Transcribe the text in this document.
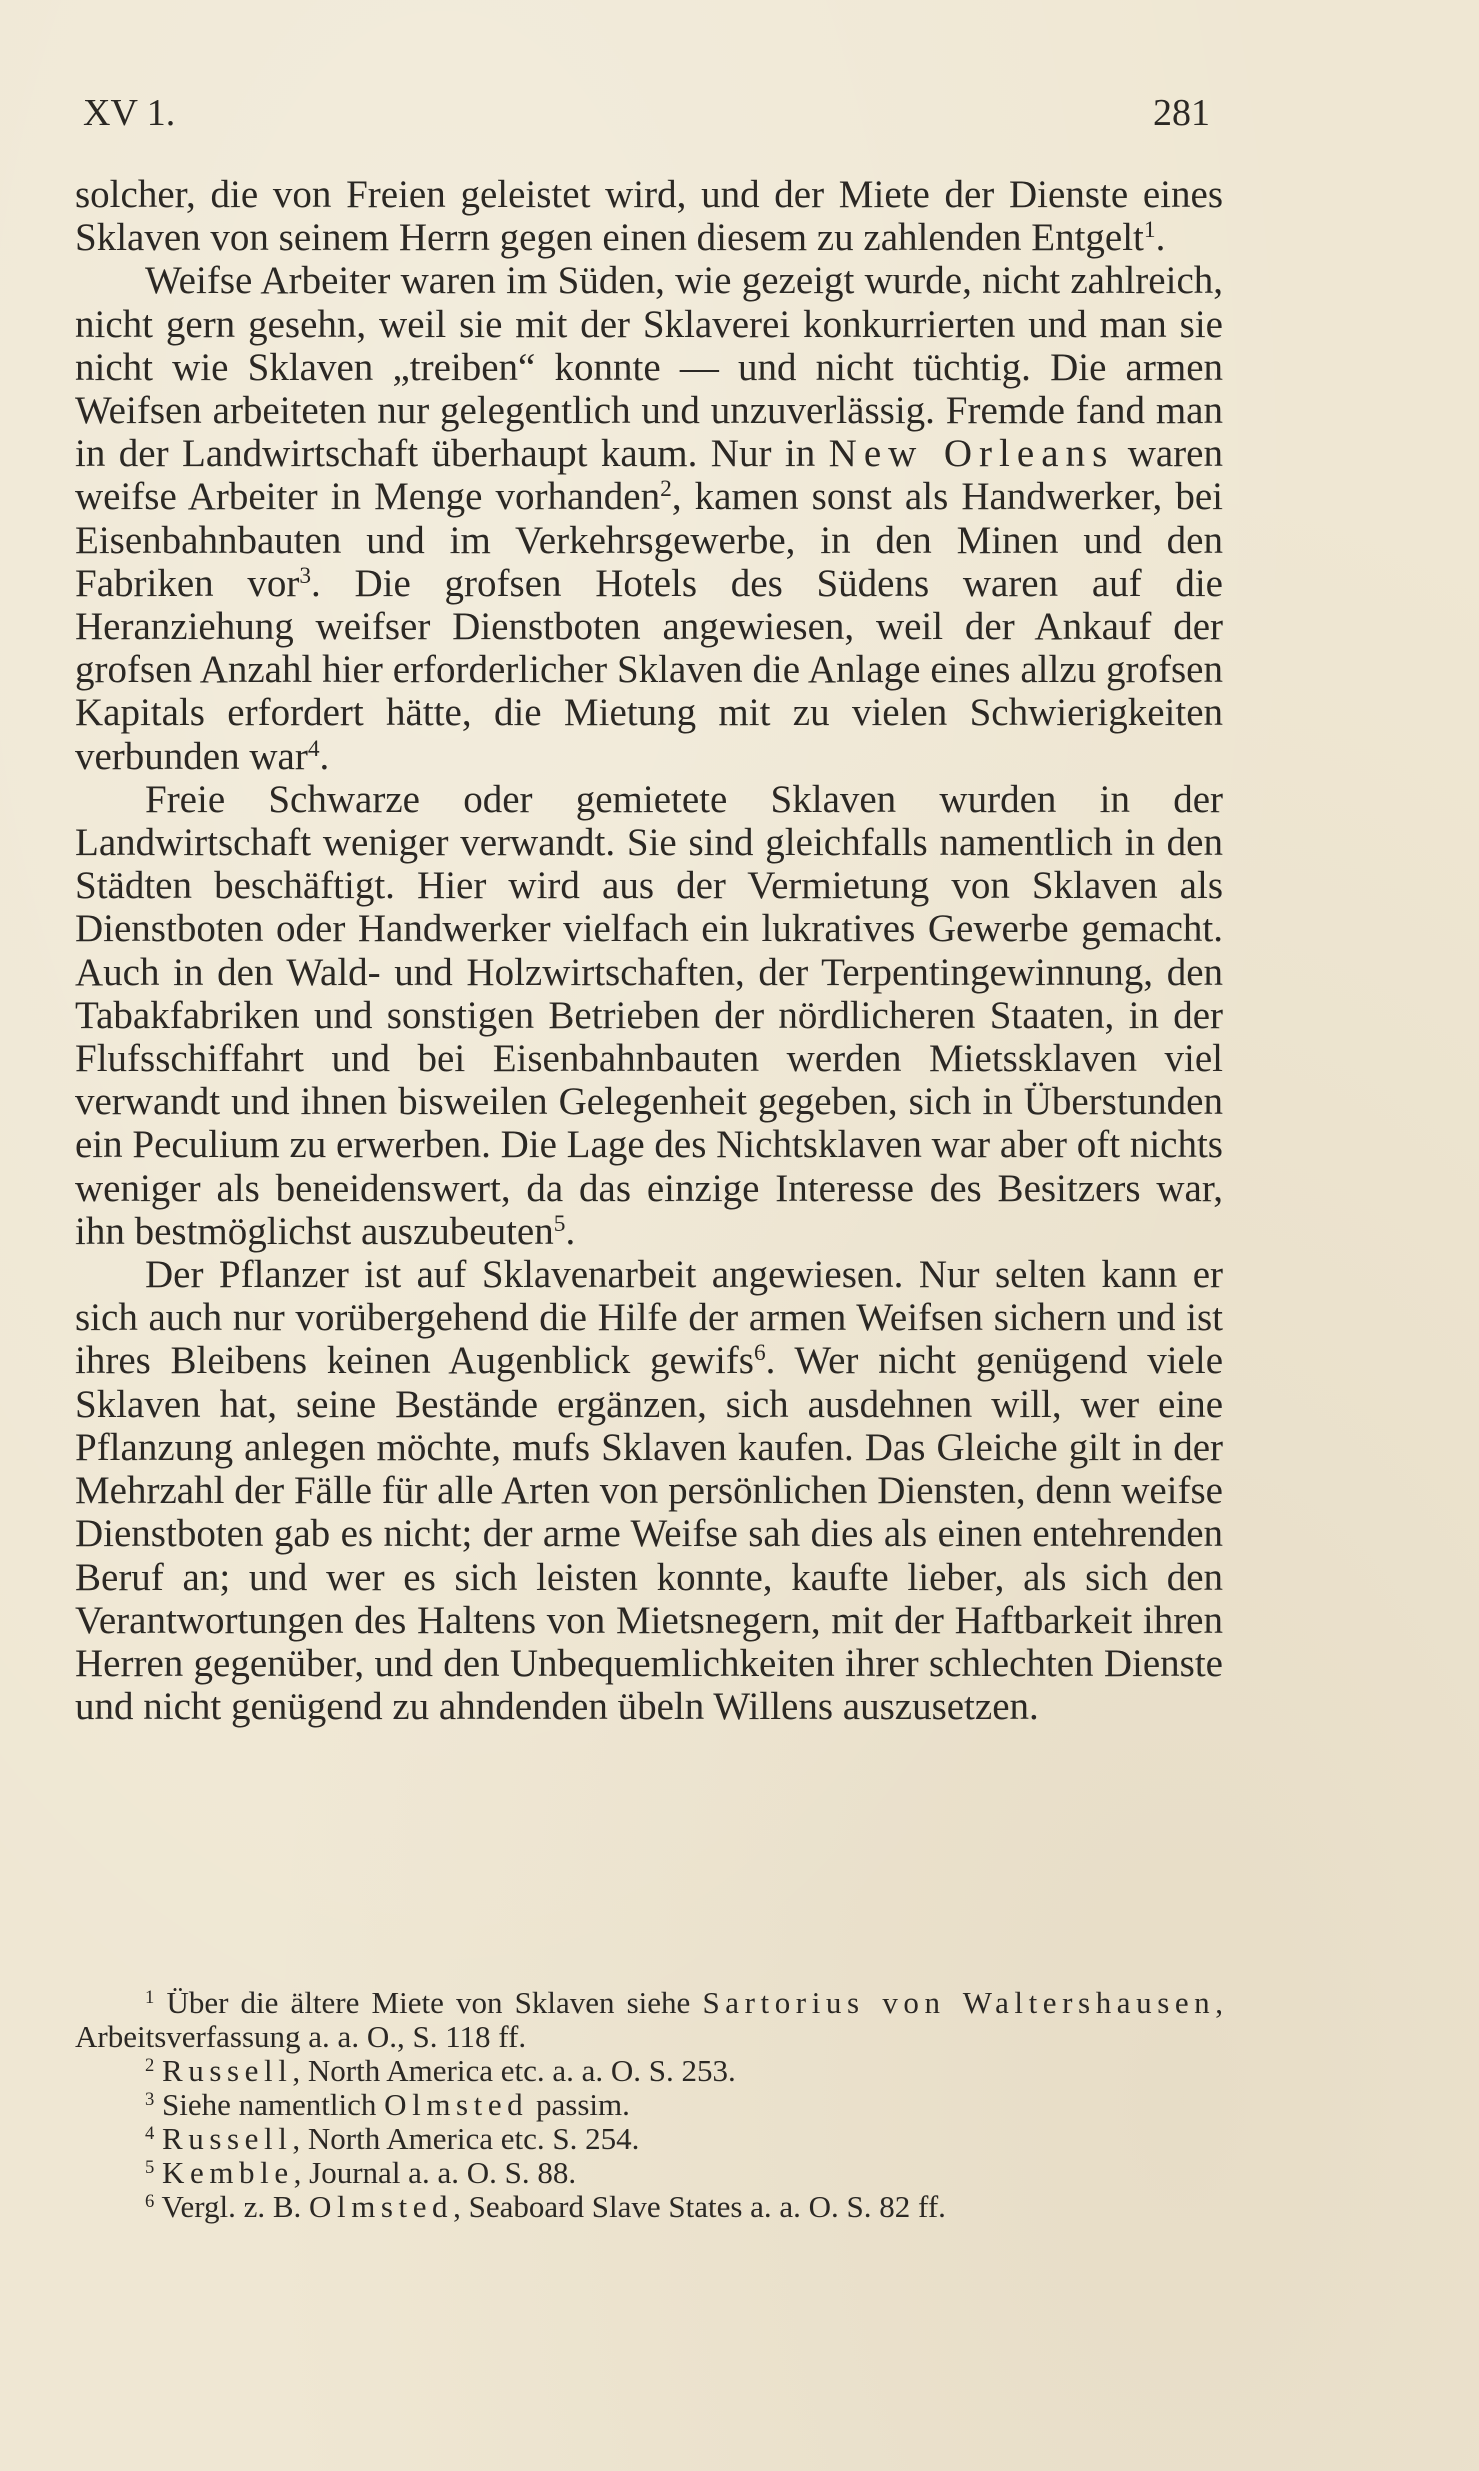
XV 1.	281

solcher, die von Freien geleistet wird, und der Miete der Dienste eines Sklaven von seinem Herrn gegen einen diesem zu zahlenden Entgelt$^1$.

Weifse Arbeiter waren im Süden, wie gezeigt wurde, nicht zahlreich, nicht gern gesehn, weil sie mit der Sklaverei konkurrierten und man sie nicht wie Sklaven „treiben“ konnte — und nicht tüchtig. Die armen Weifsen arbeiteten nur gelegentlich und unzuverlässig. Fremde fand man in der Landwirtschaft überhaupt kaum. Nur in New Orleans waren weifse Arbeiter in Menge vorhanden$^2$, kamen sonst als Handwerker, bei Eisenbahnbauten und im Verkehrsgewerbe, in den Minen und den Fabriken vor$^3$. Die grofsen Hotels des Südens waren auf die Heranziehung weifser Dienstboten angewiesen, weil der Ankauf der grofsen Anzahl hier erforderlicher Sklaven die Anlage eines allzu grofsen Kapitals erfordert hätte, die Mietung mit zu vielen Schwierigkeiten verbunden war$^4$.

Freie Schwarze oder gemietete Sklaven wurden in der Landwirtschaft weniger verwandt. Sie sind gleichfalls namentlich in den Städten beschäftigt. Hier wird aus der Vermietung von Sklaven als Dienstboten oder Handwerker vielfach ein lukratives Gewerbe gemacht. Auch in den Wald- und Holzwirtschaften, der Terpentingewinnung, den Tabakfabriken und sonstigen Betrieben der nördlicheren Staaten, in der Flufsschiffahrt und bei Eisenbahnbauten werden Mietssklaven viel verwandt und ihnen bisweilen Gelegenheit gegeben, sich in Überstunden ein Peculium zu erwerben. Die Lage des Nichtsklaven war aber oft nichts weniger als beneidenswert, da das einzige Interesse des Besitzers war, ihn bestmöglichst auszubeuten$^5$.

Der Pflanzer ist auf Sklavenarbeit angewiesen. Nur selten kann er sich auch nur vorübergehend die Hilfe der armen Weifsen sichern und ist ihres Bleibens keinen Augenblick gewifs$^6$. Wer nicht genügend viele Sklaven hat, seine Bestände ergänzen, sich ausdehnen will, wer eine Pflanzung anlegen möchte, mufs Sklaven kaufen. Das Gleiche gilt in der Mehrzahl der Fälle für alle Arten von persönlichen Diensten, denn weifse Dienstboten gab es nicht; der arme Weifse sah dies als einen entehrenden Beruf an; und wer es sich leisten konnte, kaufte lieber, als sich den Verantwortungen des Haltens von Mietsnegern, mit der Haftbarkeit ihren Herren gegenüber, und den Unbequemlichkeiten ihrer schlechten Dienste und nicht genügend zu ahndenden übeln Willens auszusetzen.

$^1$ Über die ältere Miete von Sklaven siehe Sartorius von Waltershausen, Arbeitsverfassung a. a. O., S. 118 ff.

$^2$ Russell, North America etc. a. a. O. S. 253.

$^3$ Siehe namentlich Olmsted passim.

$^4$ Russell, North America etc. S. 254.

$^5$ Kemble, Journal a. a. O. S. 88.

$^6$ Vergl. z. B. Olmsted, Seaboard Slave States a. a. O. S. 82 ff.
